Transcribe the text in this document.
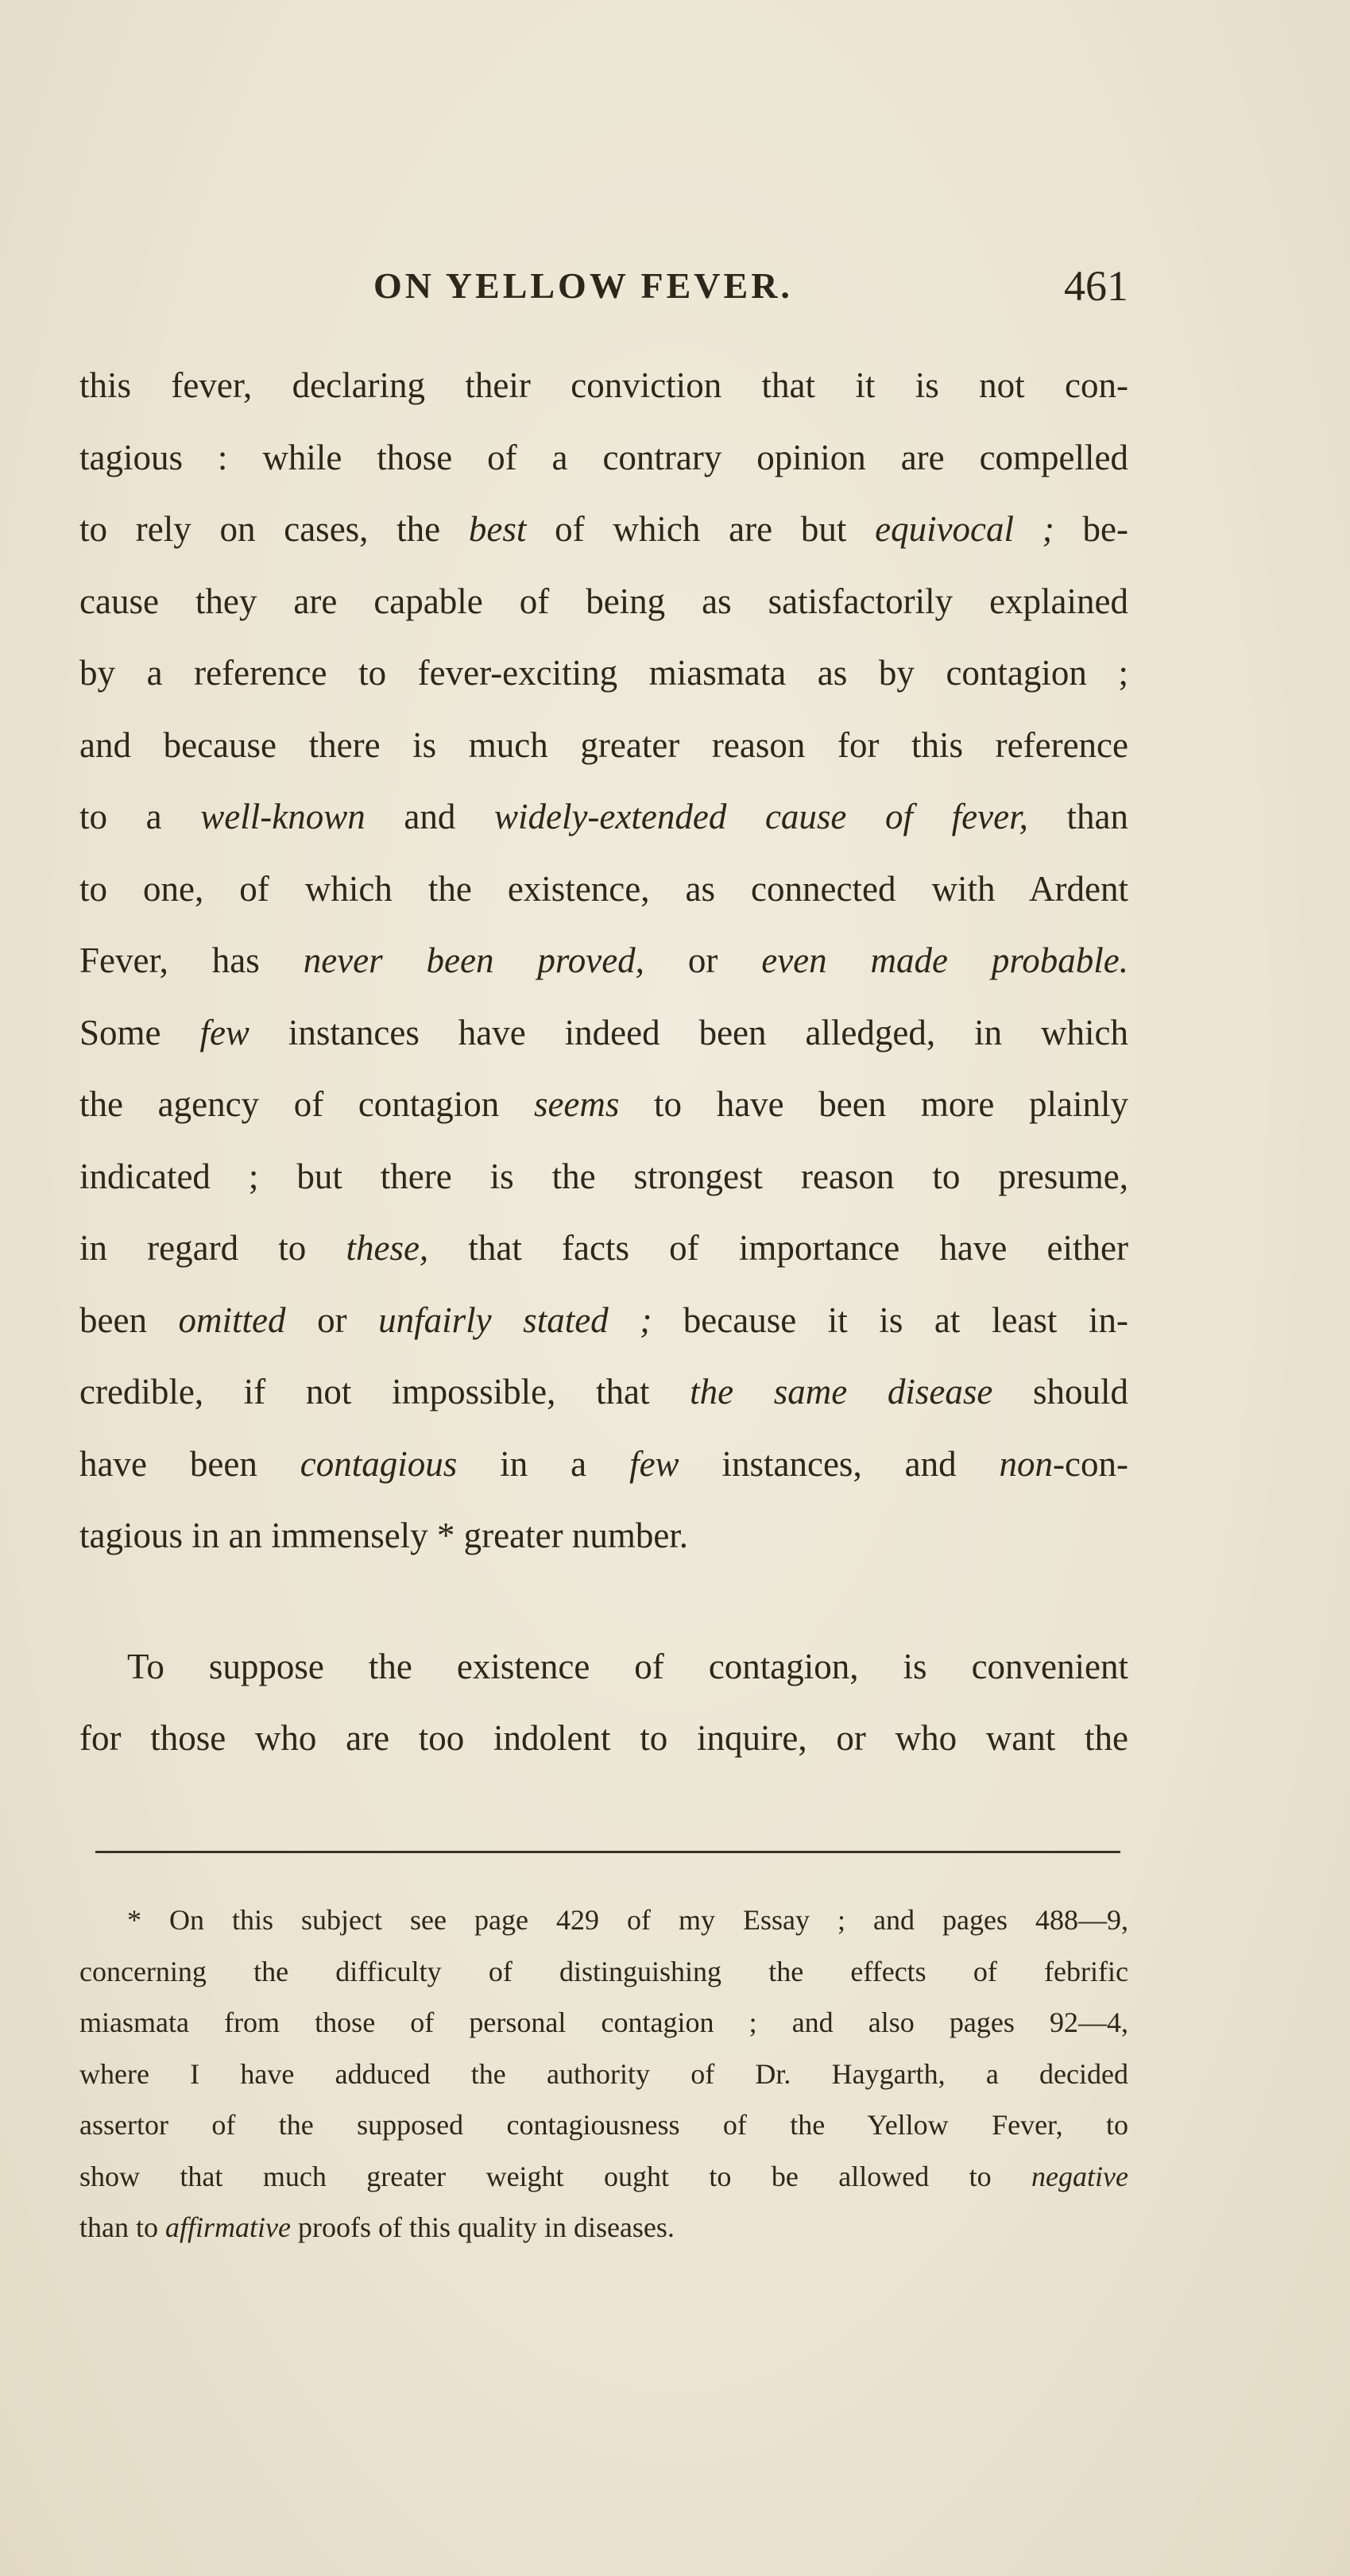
ON YELLOW FEVER.	461
this fever, declaring their conviction that it is not con-
tagious : while those of a contrary opinion are compelled
to rely on cases, the best of which are but equivocal ; be-
cause they are capable of being as satisfactorily explained
by a reference to fever-exciting miasmata as by contagion ;
and because there is much greater reason for this reference
to a well-known and widely-extended cause of fever, than
to one, of which the existence, as connected with Ardent
Fever, has never been proved, or even made probable.
Some few instances have indeed been alledged, in which
the agency of contagion seems to have been more plainly
indicated ; but there is the strongest reason to presume,
in regard to these, that facts of importance have either
been omitted or unfairly stated ; because it is at least in-
credible, if not impossible, that the same disease should
have been contagious in a few instances, and non-con-
tagious in an immensely * greater number.
To suppose the existence of contagion, is convenient
for those who are too indolent to inquire, or who want the
* On this subject see page 429 of my Essay ; and pages 488—9,
concerning the difficulty of distinguishing the effects of febrific
miasmata from those of personal contagion ; and also pages 92—4,
where I have adduced the authority of Dr. Haygarth, a decided
assertor of the supposed contagiousness of the Yellow Fever, to
show that much greater weight ought to be allowed to negative
than to affirmative proofs of this quality in diseases.
